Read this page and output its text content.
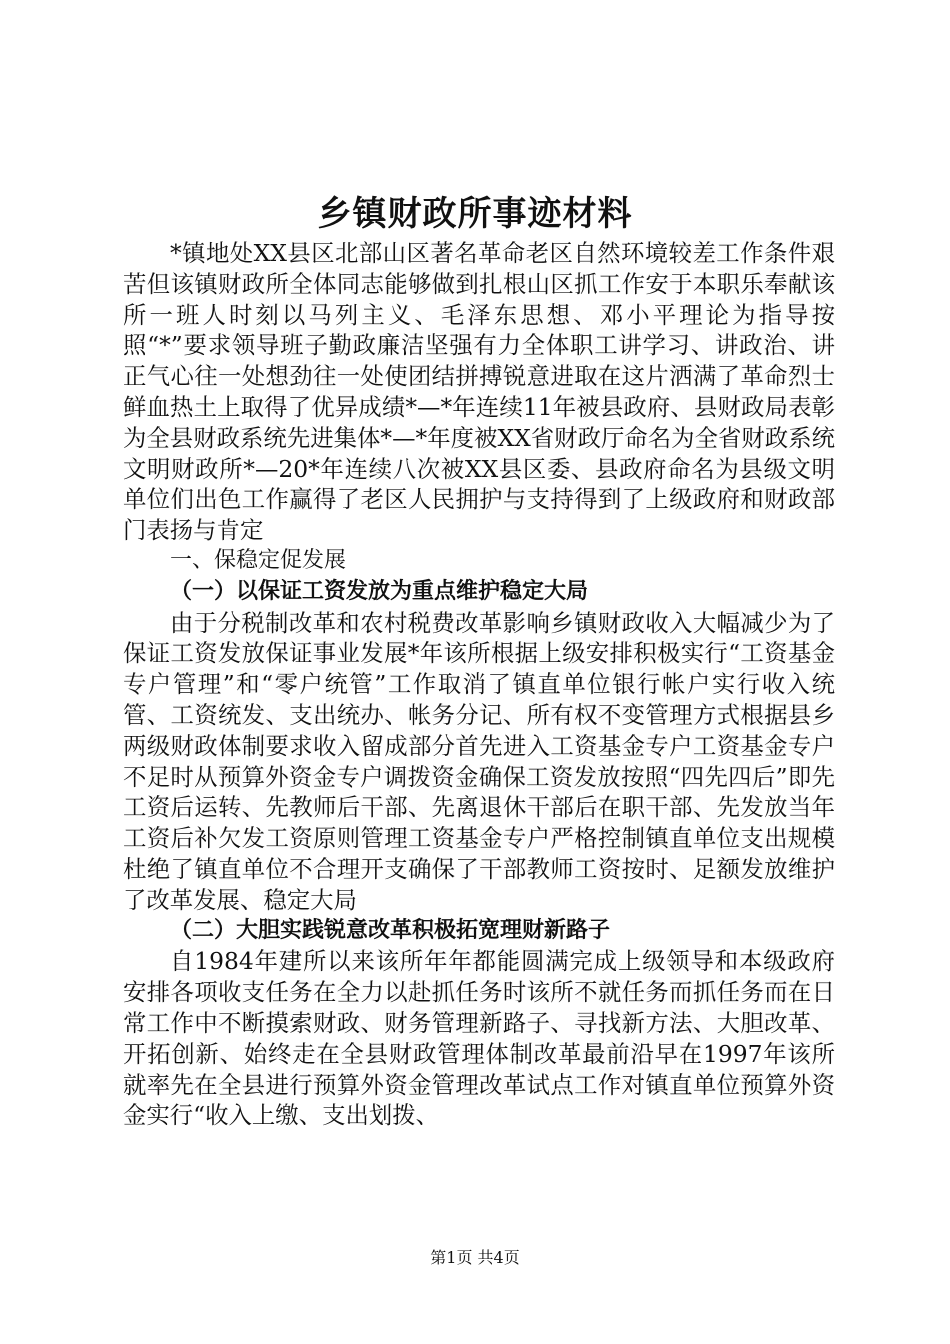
乡镇财政所事迹材料

*镇地处XX县区北部山区著名革命老区自然环境较差工作条件艰苦但该镇财政所全体同志能够做到扎根山区抓工作安于本职乐奉献该所一班人时刻以马列主义、毛泽东思想、邓小平理论为指导按照“*”要求领导班子勤政廉洁坚强有力全体职工讲学习、讲政治、讲正气心往一处想劲往一处使团结拼搏锐意进取在这片洒满了革命烈士鲜血热土上取得了优异成绩*—*年连续11年被县政府、县财政局表彰为全县财政系统先进集体*—*年度被XX省财政厅命名为全省财政系统文明财政所*—20*年连续八次被XX县区委、县政府命名为县级文明单位们出色工作赢得了老区人民拥护与支持得到了上级政府和财政部门表扬与肯定

一、保稳定促发展

（一）以保证工资发放为重点维护稳定大局

由于分税制改革和农村税费改革影响乡镇财政收入大幅减少为了保证工资发放保证事业发展*年该所根据上级安排积极实行“工资基金专户管理”和“零户统管”工作取消了镇直单位银行帐户实行收入统管、工资统发、支出统办、帐务分记、所有权不变管理方式根据县乡两级财政体制要求收入留成部分首先进入工资基金专户工资基金专户不足时从预算外资金专户调拨资金确保工资发放按照“四先四后”即先工资后运转、先教师后干部、先离退休干部后在职干部、先发放当年工资后补欠发工资原则管理工资基金专户严格控制镇直单位支出规模杜绝了镇直单位不合理开支确保了干部教师工资按时、足额发放维护了改革发展、稳定大局

（二）大胆实践锐意改革积极拓宽理财新路子

自1984年建所以来该所年年都能圆满完成上级领导和本级政府安排各项收支任务在全力以赴抓任务时该所不就任务而抓任务而在日常工作中不断摸索财政、财务管理新路子、寻找新方法、大胆改革、开拓创新、始终走在全县财政管理体制改革最前沿早在1997年该所就率先在全县进行预算外资金管理改革试点工作对镇直单位预算外资金实行“收入上缴、支出划拨、

第1页 共4页
